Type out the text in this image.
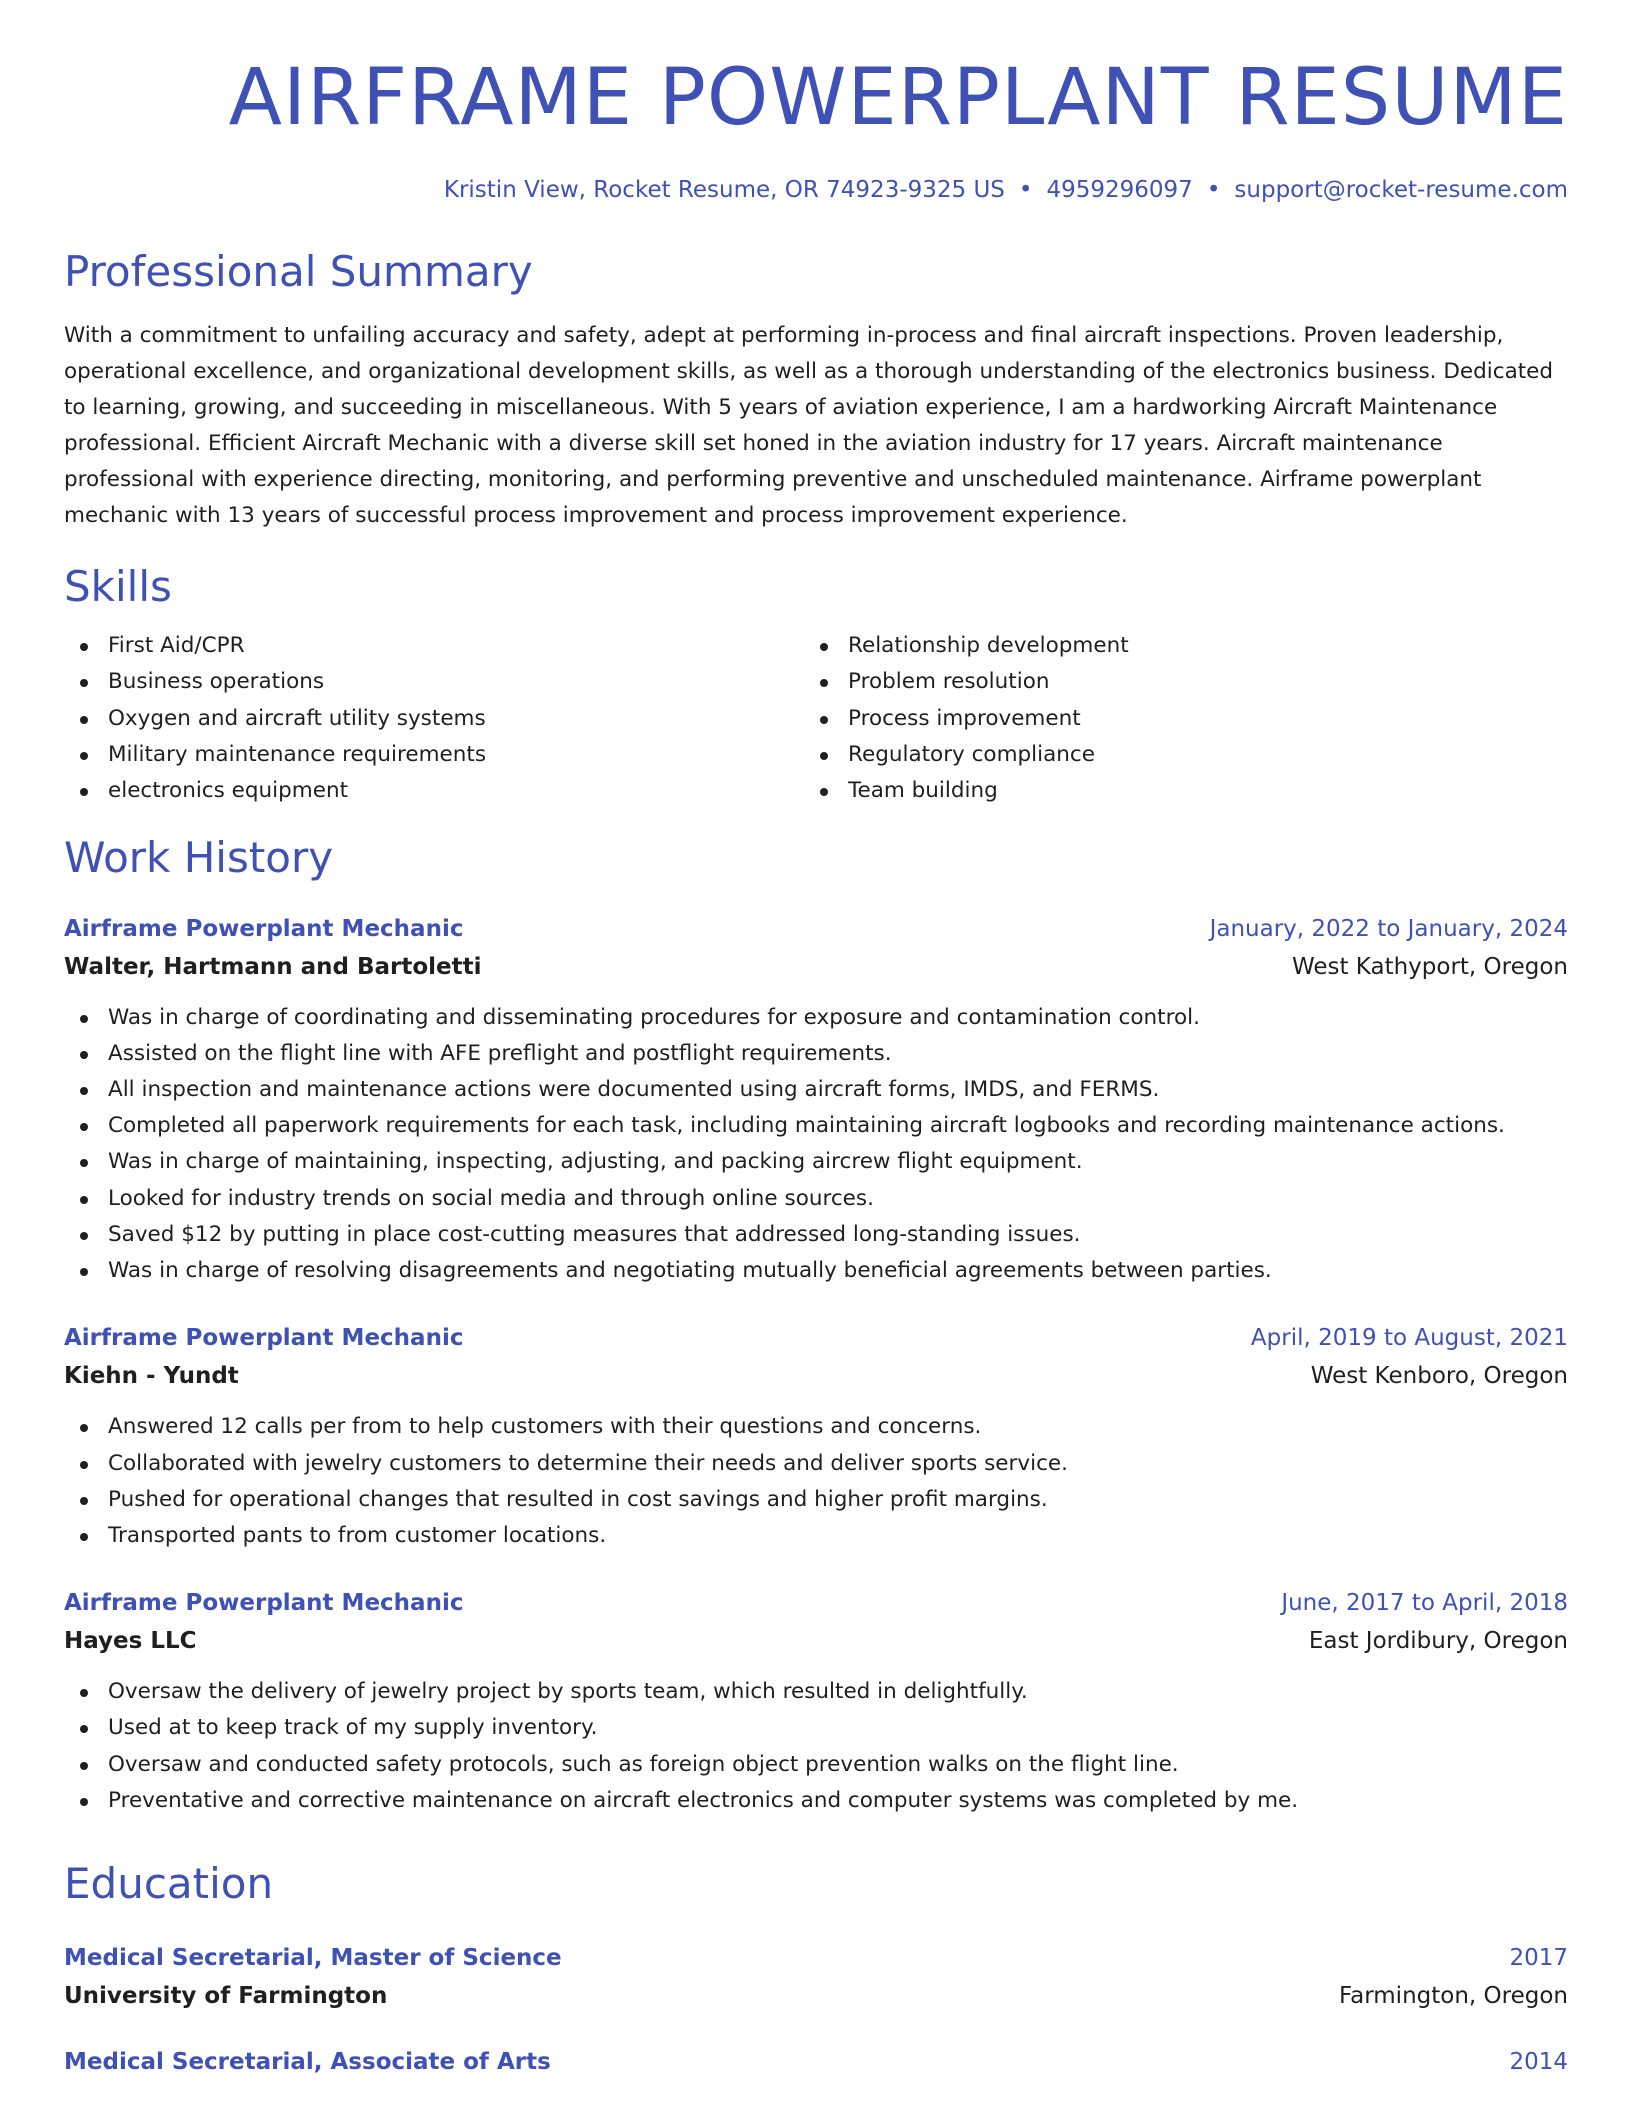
AIRFRAME POWERPLANT RESUME
Kristin View, Rocket Resume, OR 74923-9325 US • 4959296097 • support@rocket-resume.com
Professional Summary

With a commitment to unfailing accuracy and safety, adept at performing in-process and final aircraft inspections. Proven leadership, operational excellence, and organizational development skills, as well as a thorough understanding of the electronics business. Dedicated to learning, growing, and succeeding in miscellaneous. With 5 years of aviation experience, I am a hardworking Aircraft Maintenance professional. Efficient Aircraft Mechanic with a diverse skill set honed in the aviation industry for 17 years. Aircraft maintenance professional with experience directing, monitoring, and performing preventive and unscheduled maintenance. Airframe powerplant mechanic with 13 years of successful process improvement and process improvement experience.

Skills
First Aid/CPR
Business operations
Oxygen and aircraft utility systems
Military maintenance requirements
electronics equipment
Relationship development
Problem resolution
Process improvement
Regulatory compliance
Team building
Work History
Airframe Powerplant Mechanic	January, 2022 to January, 2024
Walter, Hartmann and Bartoletti	West Kathyport, Oregon
Was in charge of coordinating and disseminating procedures for exposure and contamination control.
Assisted on the flight line with AFE preflight and postflight requirements.
All inspection and maintenance actions were documented using aircraft forms, IMDS, and FERMS.
Completed all paperwork requirements for each task, including maintaining aircraft logbooks and recording maintenance actions.
Was in charge of maintaining, inspecting, adjusting, and packing aircrew flight equipment.
Looked for industry trends on social media and through online sources.
Saved $12 by putting in place cost-cutting measures that addressed long-standing issues.
Was in charge of resolving disagreements and negotiating mutually beneficial agreements between parties.
Airframe Powerplant Mechanic	April, 2019 to August, 2021
Kiehn - Yundt	West Kenboro, Oregon
Answered 12 calls per from to help customers with their questions and concerns.
Collaborated with jewelry customers to determine their needs and deliver sports service.
Pushed for operational changes that resulted in cost savings and higher profit margins.
Transported pants to from customer locations.
Airframe Powerplant Mechanic	June, 2017 to April, 2018
Hayes LLC	East Jordibury, Oregon
Oversaw the delivery of jewelry project by sports team, which resulted in delightfully.
Used at to keep track of my supply inventory.
Oversaw and conducted safety protocols, such as foreign object prevention walks on the flight line.
Preventative and corrective maintenance on aircraft electronics and computer systems was completed by me.
Education
Medical Secretarial, Master of Science	2017
University of Farmington	Farmington, Oregon
Medical Secretarial, Associate of Arts	2014
